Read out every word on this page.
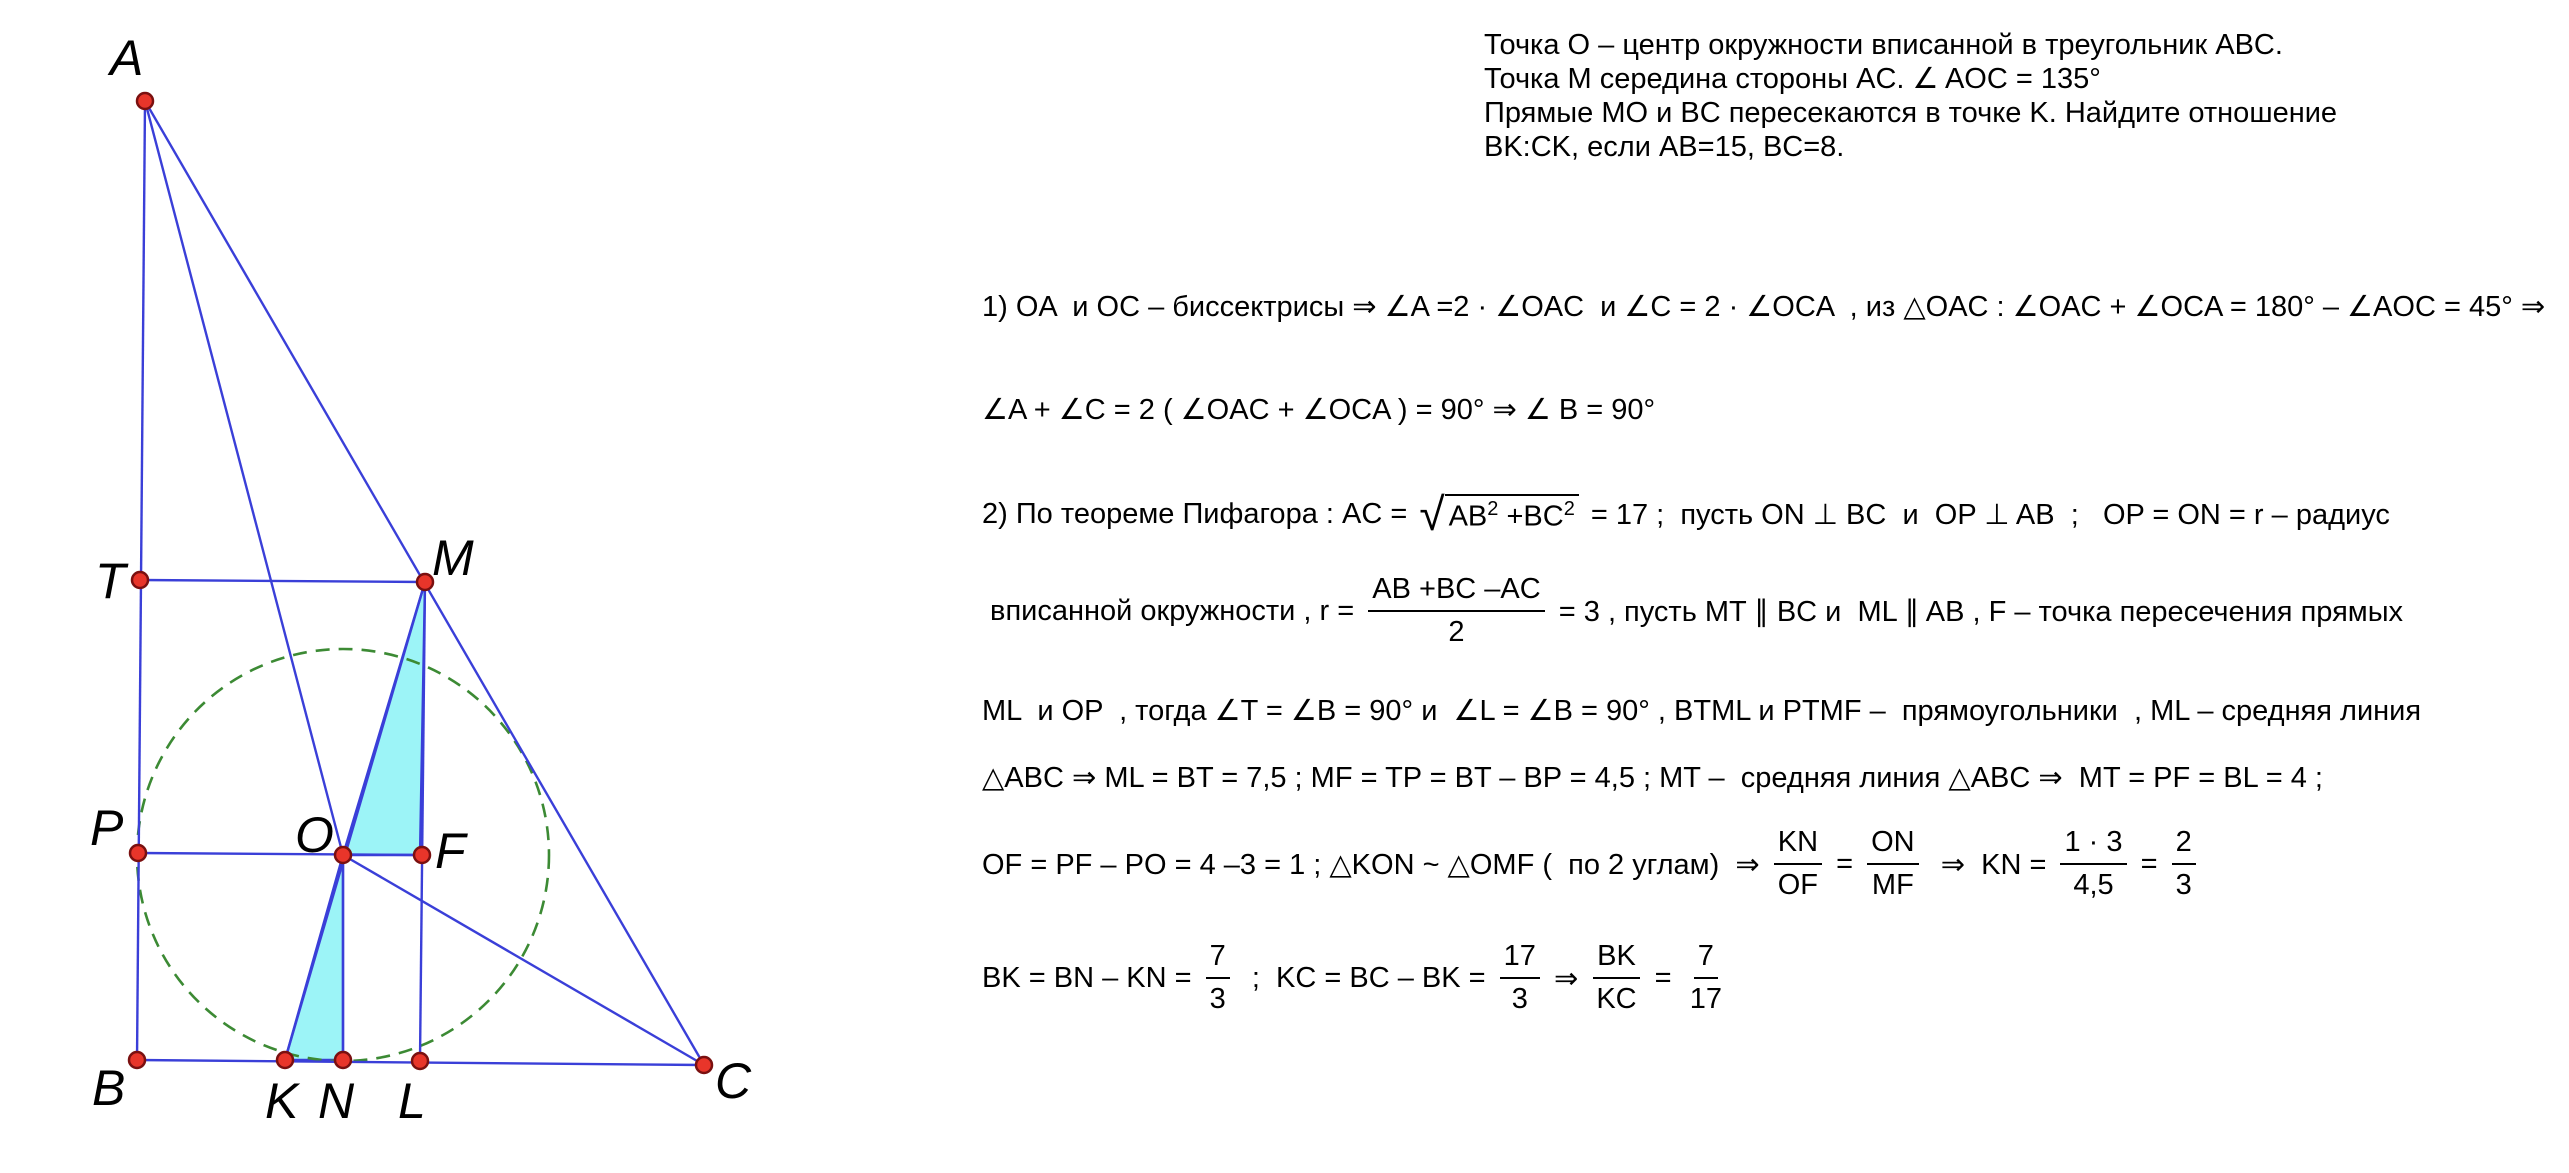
A
M
T
P	O F
B	K N L	C
Точка O – центр окружности вписанной в треугольник ABC.
Точка M середина стороны AC. ∠ AOC = 135°
Прямые MO и BC пересекаются в точке K. Найдите отношение
BK:CK, если AB=15, BC=8.
1) OA  и OC – биссектрисы ⇒ ∠A =2 · ∠OAC  и ∠C = 2 · ∠OCA  , из △OAC : ∠OAC + ∠OCA = 180° – ∠AOC = 45° ⇒
∠A + ∠C = 2 ( ∠OAC + ∠OCA ) = 90° ⇒ ∠ B = 90°
2) По теореме Пифагора : AC = √ $AB^2 +BC^2 = 17$ ;  пусть ON ⊥ BC  и  OP ⊥ AB  ;   OP = ON = r – радиус
вписанной окружности , $r = \frac{AB +BC -AC}{2} = 3$ , пусть MT ∥ BC и  ML ∥ AB , F – точка пересечения прямых
ML  и OP  , тогда ∠T = ∠B = 90° и  ∠L = ∠B = 90° , BTML и PTMF –  прямоугольники  , ML – средняя линия
△ABC ⇒ ML = BT = 7,5 ; MF = TP = BT – BP = 4,5 ; MT –  средняя линия △ABC ⇒  MT = PF = BL = 4 ;
OF = PF – PO = 4 –3 = 1 ; △KON ~ △OMF (  по 2 углам)  ⇒ $\frac{KN}{OF} = \frac{ON}{MF}$ ⇒  KN = $\frac{1 \cdot 3}{4,5} = \frac{2}{3}$
BK = BN – KN = $\frac{7}{3}$ ;  KC = BC – BK = $\frac{17}{3}$ ⇒ $\frac{BK}{KC} = \frac{7}{17}$
